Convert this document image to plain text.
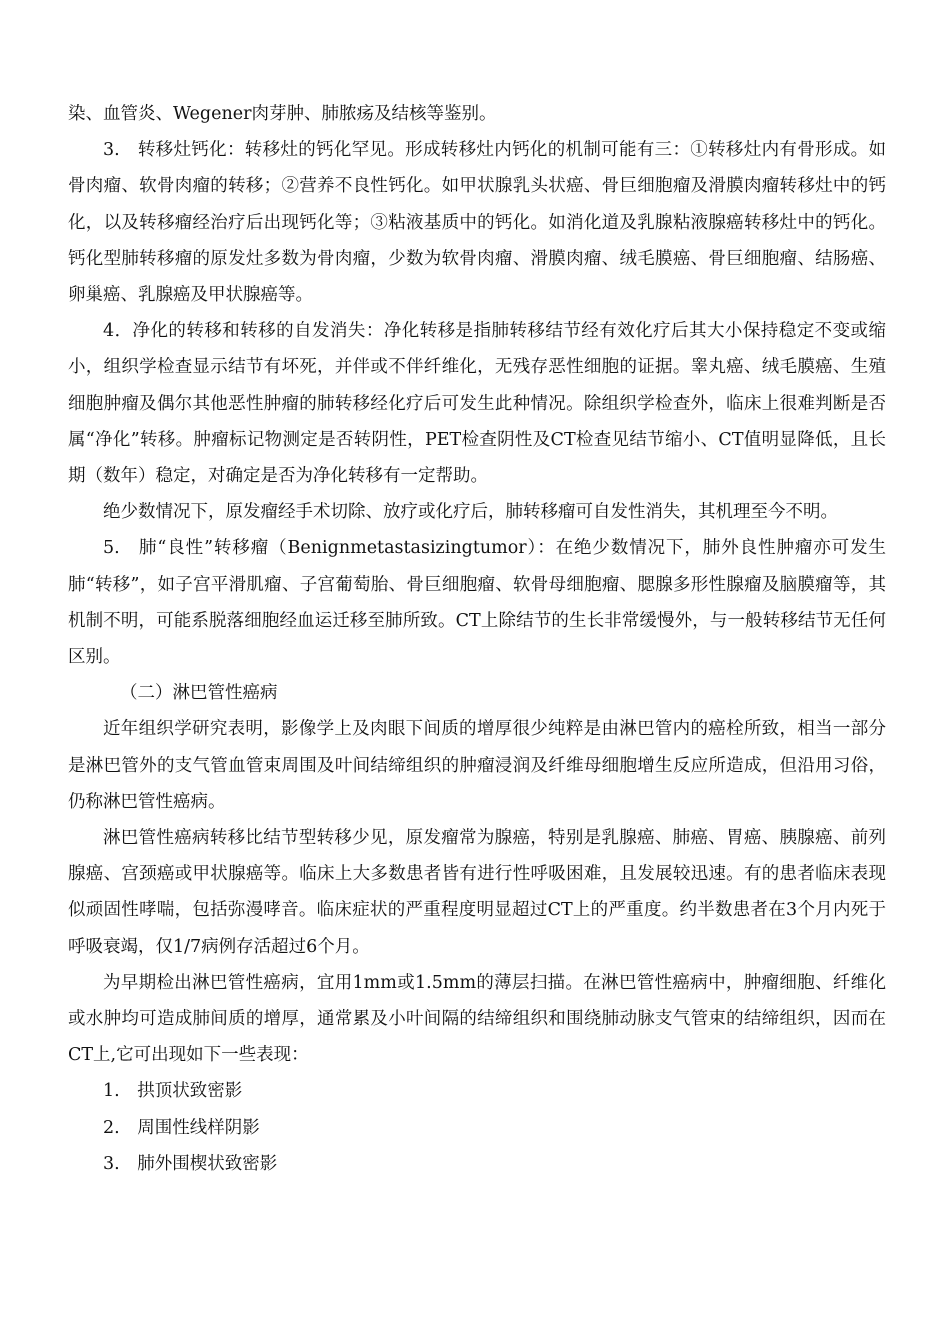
染、血管炎、Wegener肉芽肿、肺脓疡及结核等鉴别。

3.　转移灶钙化：转移灶的钙化罕见。形成转移灶内钙化的机制可能有三：①转移灶内有骨形成。如骨肉瘤、软骨肉瘤的转移；②营养不良性钙化。如甲状腺乳头状癌、骨巨细胞瘤及滑膜肉瘤转移灶中的钙化，以及转移瘤经治疗后出现钙化等；③粘液基质中的钙化。如消化道及乳腺粘液腺癌转移灶中的钙化。钙化型肺转移瘤的原发灶多数为骨肉瘤，少数为软骨肉瘤、滑膜肉瘤、绒毛膜癌、骨巨细胞瘤、结肠癌、卵巢癌、乳腺癌及甲状腺癌等。

4．净化的转移和转移的自发消失：净化转移是指肺转移结节经有效化疗后其大小保持稳定不变或缩小，组织学检查显示结节有坏死，并伴或不伴纤维化，无残存恶性细胞的证据。睾丸癌、绒毛膜癌、生殖细胞肿瘤及偶尔其他恶性肿瘤的肺转移经化疗后可发生此种情况。除组织学检查外，临床上很难判断是否属“净化”转移。肿瘤标记物测定是否转阴性，PET检查阴性及CT检查见结节缩小、CT值明显降低，且长期（数年）稳定，对确定是否为净化转移有一定帮助。

绝少数情况下，原发瘤经手术切除、放疗或化疗后，肺转移瘤可自发性消失，其机理至今不明。

5.　肺“良性”转移瘤（Benignmetastasizingtumor）：在绝少数情况下，肺外良性肿瘤亦可发生肺“转移”，如子宫平滑肌瘤、子宫葡萄胎、骨巨细胞瘤、软骨母细胞瘤、腮腺多形性腺瘤及脑膜瘤等，其机制不明，可能系脱落细胞经血运迁移至肺所致。CT上除结节的生长非常缓慢外，与一般转移结节无任何区别。

（二）淋巴管性癌病

近年组织学研究表明，影像学上及肉眼下间质的增厚很少纯粹是由淋巴管内的癌栓所致，相当一部分是淋巴管外的支气管血管束周围及叶间结缔组织的肿瘤浸润及纤维母细胞增生反应所造成，但沿用习俗，仍称淋巴管性癌病。

淋巴管性癌病转移比结节型转移少见，原发瘤常为腺癌，特别是乳腺癌、肺癌、胃癌、胰腺癌、前列腺癌、宫颈癌或甲状腺癌等。临床上大多数患者皆有进行性呼吸困难，且发展较迅速。有的患者临床表现似顽固性哮喘，包括弥漫哮音。临床症状的严重程度明显超过CT上的严重度。约半数患者在3个月内死于呼吸衰竭，仅1/7病例存活超过6个月。

为早期检出淋巴管性癌病，宜用1mm或1.5mm的薄层扫描。在淋巴管性癌病中，肿瘤细胞、纤维化或水肿均可造成肺间质的增厚，通常累及小叶间隔的结缔组织和围绕肺动脉支气管束的结缔组织，因而在CT上,它可出现如下一些表现：

1.　拱顶状致密影

2.　周围性线样阴影

3.　肺外围楔状致密影
